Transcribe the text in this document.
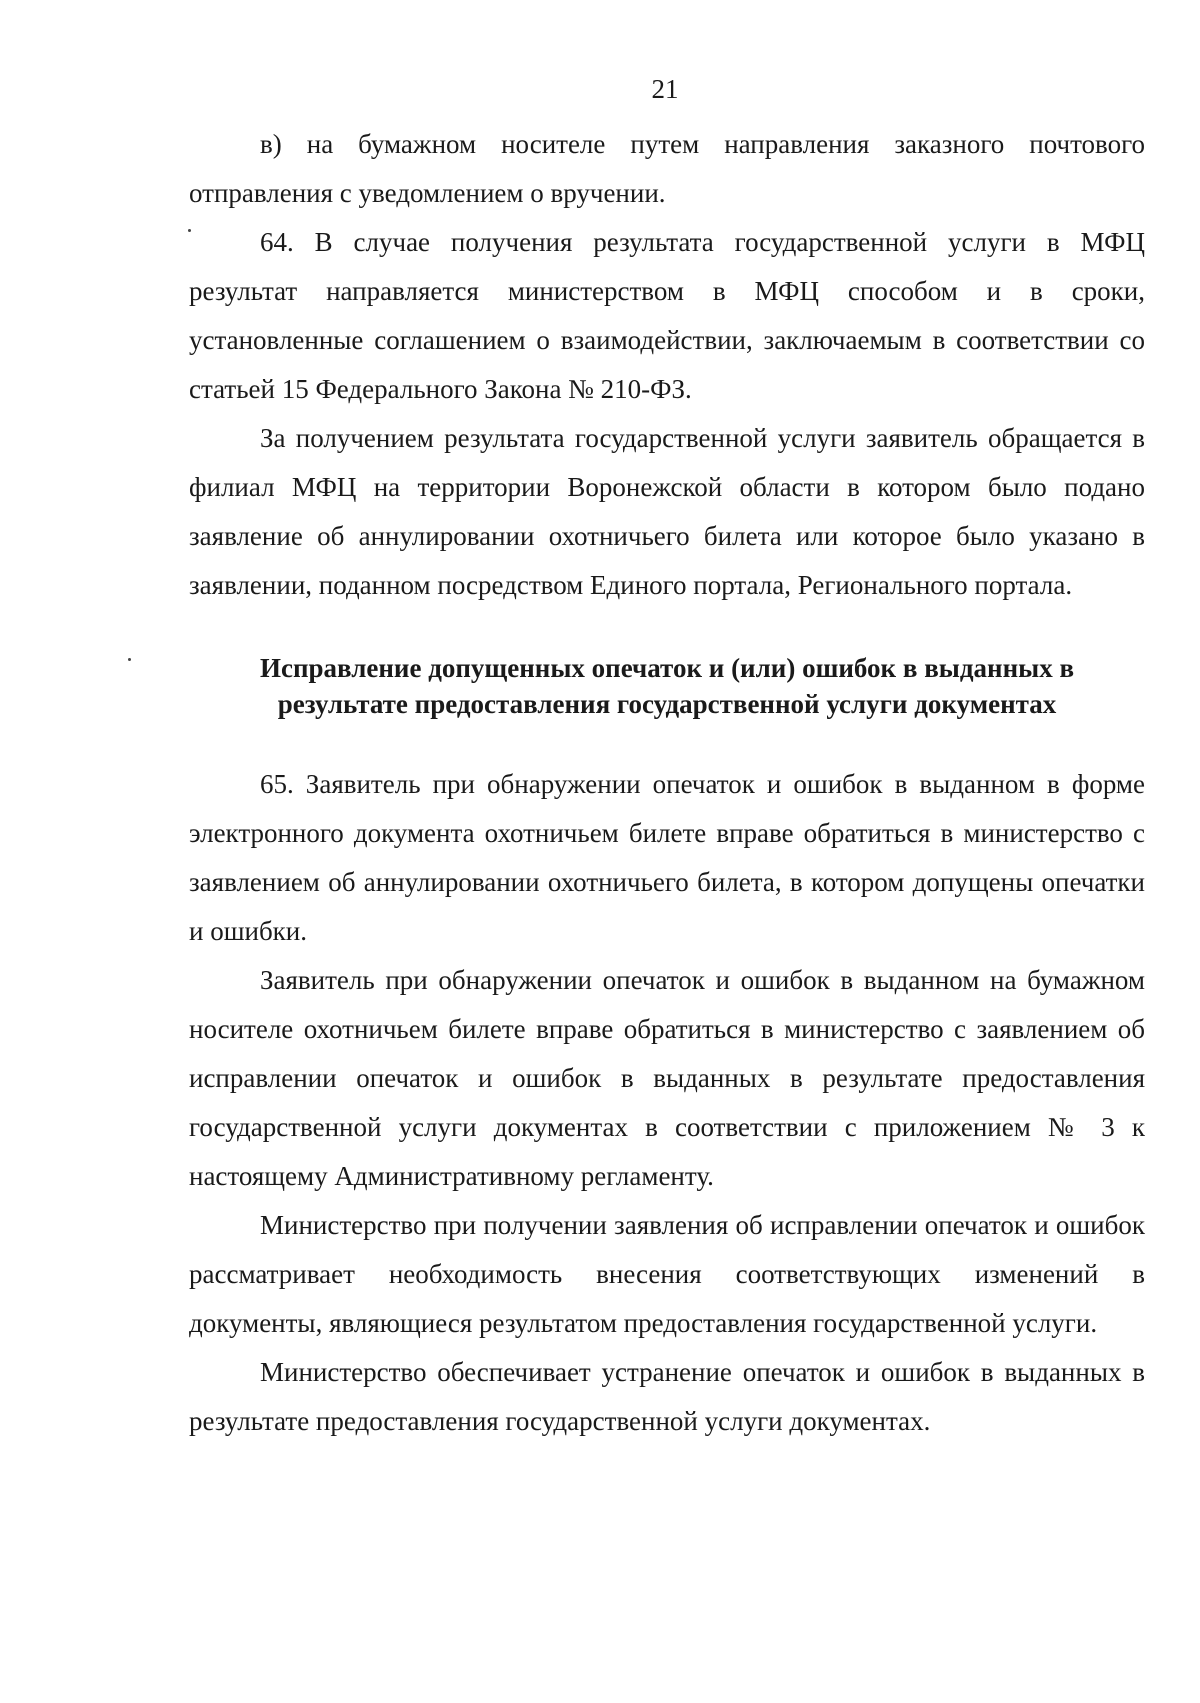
21

в) на бумажном носителе путем направления заказного почтового отправления с уведомлением о вручении.

64. В случае получения результата государственной услуги в МФЦ результат направляется министерством в МФЦ способом и в сроки, установленные соглашением о взаимодействии, заключаемым в соответствии со статьей 15 Федерального Закона № 210-ФЗ.

За получением результата государственной услуги заявитель обращается в филиал МФЦ на территории Воронежской области в котором было подано заявление об аннулировании охотничьего билета или которое было указано в заявлении, поданном посредством Единого портала, Регионального портала.

Исправление допущенных опечаток и (или) ошибок в выданных в

результате предоставления государственной услуги документах

65. Заявитель при обнаружении опечаток и ошибок в выданном в форме электронного документа охотничьем билете вправе обратиться в министерство с заявлением об аннулировании охотничьего билета, в котором допущены опечатки и ошибки.

Заявитель при обнаружении опечаток и ошибок в выданном на бумажном носителе охотничьем билете вправе обратиться в министерство с заявлением об исправлении опечаток и ошибок в выданных в результате предоставления государственной услуги документах в соответствии с приложением № 3 к настоящему Административному регламенту.

Министерство при получении заявления об исправлении опечаток и ошибок рассматривает необходимость внесения соответствующих изменений в документы, являющиеся результатом предоставления государственной услуги.

Министерство обеспечивает устранение опечаток и ошибок в выданных в результате предоставления государственной услуги документах.
